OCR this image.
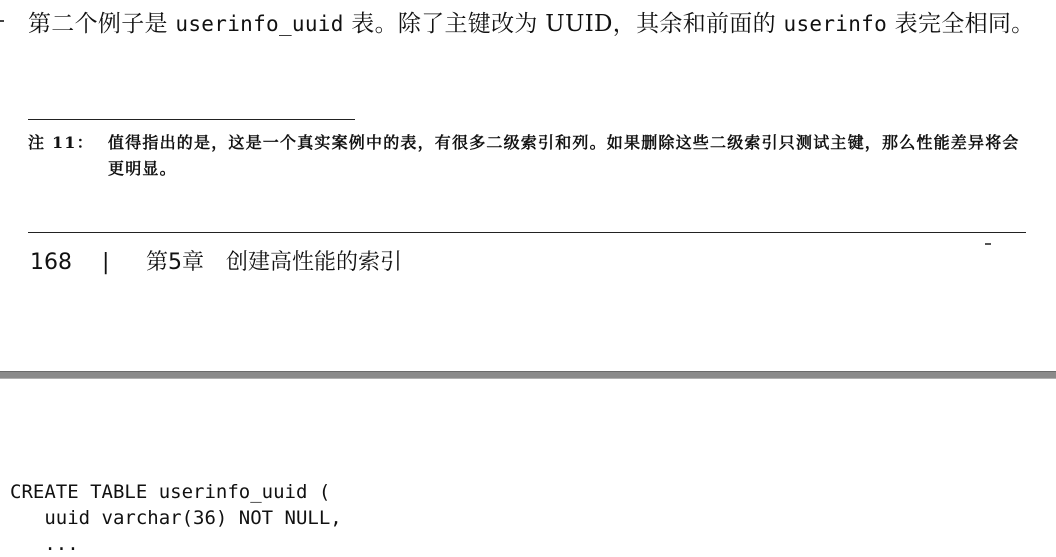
第二个例子是 userinfo_uuid 表。除了主键改为 UUID，其余和前面的 userinfo 表完全相同。

注 11： 值得指出的是，这是一个真实案例中的表，有很多二级索引和列。如果删除这些二级索引只测试主键，那么性能差异将会更明显。
168 | 第5章 创建高性能的索引
CREATE TABLE userinfo_uuid (
uuid varchar(36) NOT NULL,
...
